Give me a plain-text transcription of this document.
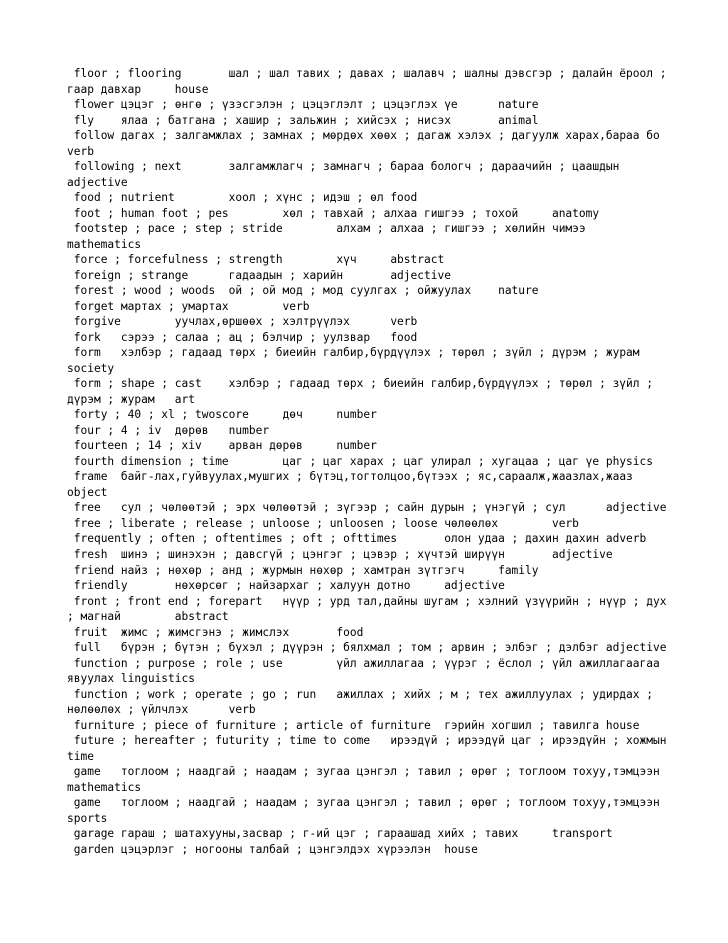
floor ; flooring	шал ; шал тавих ; давах ; шалавч ; шалны дэвсгэр ; далайн ёроол ; гаар давхар	house
flower	цэцэг ; өнгө ; үзэсгэлэн ; цэцэглэлт ; цэцэглэх үе	nature
fly	ялаа ; батгана ; хашир ; зальжин ; хийсэх ; нисэх	animal
follow	дагах ; залгамжлах ; замнах ; мөрдөх хөөх ; дагаж хэлэх ; дагуулж харах,бараа бо	verb
following ; next	залгамжлагч ; замнагч ; бараа бологч ; дараачийн ; цаашдын	adjective
food ; nutrient	хоол ; хүнс ; идэш ; өл	food
foot ; human foot ; pes	хөл ; тавхай ; алхаа гишгээ ; тохой	anatomy
footstep ; pace ; step ; stride	алхам ; алхаа ; гишгээ ; хөлийн чимээ	mathematics
force ; forcefulness ; strength	хүч	abstract
foreign ; strange	гадаадын ; харийн	adjective
forest ; wood ; woods	ой ; ой мод ; мод суулгах ; ойжуулах	nature
forget	мартах ; умартах	verb
forgive	уучлах,өршөөх ; хэлтрүүлэх	verb
fork	сэрээ ; салаа ; ац ; бэлчир ; уулзвар	food
form	хэлбэр ; гадаад төрх ; биеийн галбир,бүрдүүлэх ; төрөл ; зүйл ; дүрэм ; журам	society
form ; shape ; cast	хэлбэр ; гадаад төрх ; биеийн галбир,бүрдүүлэх ; төрөл ; зүйл ; дүрэм ; журам	art
forty ; 40 ; xl ; twoscore	дөч	number
four ; 4 ; iv	дөрөв	number
fourteen ; 14 ; xiv	арван дөрөв	number
fourth dimension ; time	цаг ; цаг харах ; цаг улирал ; хугацаа ; цаг үе	physics
frame	байг-лах,гуйвуулах,мушгих ; бүтэц,тогтолцоо,бүтээх ; яс,сараалж,жаазлах,жааз	object
free	сул ; чөлөөтэй ; эрх чөлөөтэй ; зүгээр ; сайн дурын ; үнэгүй ; сул	adjective
free ; liberate ; release ; unloose ; unloosen ; loose	чөлөөлөх	verb
frequently ; often ; oftentimes ; oft ; ofttimes	олон удаа ; дахин дахин	adverb
fresh	шинэ ; шинэхэн ; давсгүй ; цэнгэг ; цэвэр ; хүчтэй ширүүн	adjective
friend	найз ; нөхөр ; анд ; журмын нөхөр ; хамтран зүтгэгч	family
friendly	нөхөрсөг ; найзархаг ; халуун дотно	adjective
front ; front end ; forepart	нүүр ; урд тал,дайны шугам ; хэлний үзүүрийн ; нүүр ; дух ; магнай	abstract
fruit	жимс ; жимсгэнэ ; жимслэх	food
full	бүрэн ; бүтэн ; бүхэл ; дүүрэн ; бялхмал ; том ; арвин ; элбэг ; дэлбэг	adjective
function ; purpose ; role ; use	үйл ажиллагаа ; үүрэг ; ёслол ; үйл ажиллагаагаа явуулах	linguistics
function ; work ; operate ; go ; run	ажиллах ; хийх ; м ; тех ажиллуулах ; удирдах ; нөлөөлөх ; үйлчлэх	verb
furniture ; piece of furniture ; article of furniture	гэрийн хогшил ; тавилга	house
future ; hereafter ; futurity ; time to come	ирээдүй ; ирээдүй цаг ; ирээдүйн ; хожмын	time
game	тоглоом ; наадгай ; наадам ; зугаа цэнгэл ; тавил ; өрөг ; тоглоом тохуу,тэмцээн	mathematics
game	тоглоом ; наадгай ; наадам ; зугаа цэнгэл ; тавил ; өрөг ; тоглоом тохуу,тэмцээн	sports
garage	гараш ; шатахууны,засвар ; г-ий цэг ; гараашад хийх ; тавих	transport
garden	цэцэрлэг ; ногооны талбай ; цэнгэлдэх хүрээлэн	house
